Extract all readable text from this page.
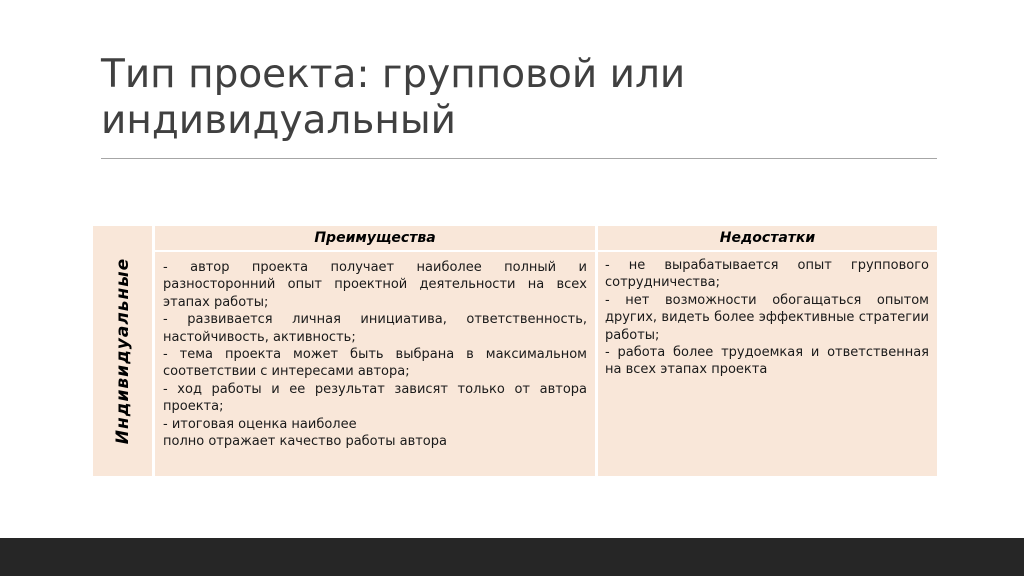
Тип проекта: групповой или индивидуальный
Индивидуальные
Преимущества	Недостатки

- автор проекта получает наиболее полный и разносторонний опыт проектной деятельности на всех этапах работы;

- развивается личная инициатива, ответственность, настойчивость, активность;

- тема проекта может быть выбрана в максимальном соответствии с интересами автора;

- ход работы и ее результат зависят только от автора проекта;

- итоговая оценка наиболее

полно отражает качество работы автора

- не вырабатывается опыт группового сотрудничества;

- нет возможности обогащаться опытом других, видеть более эффективные стратегии работы;

- работа более трудоемкая и ответственная на всех этапах проекта
